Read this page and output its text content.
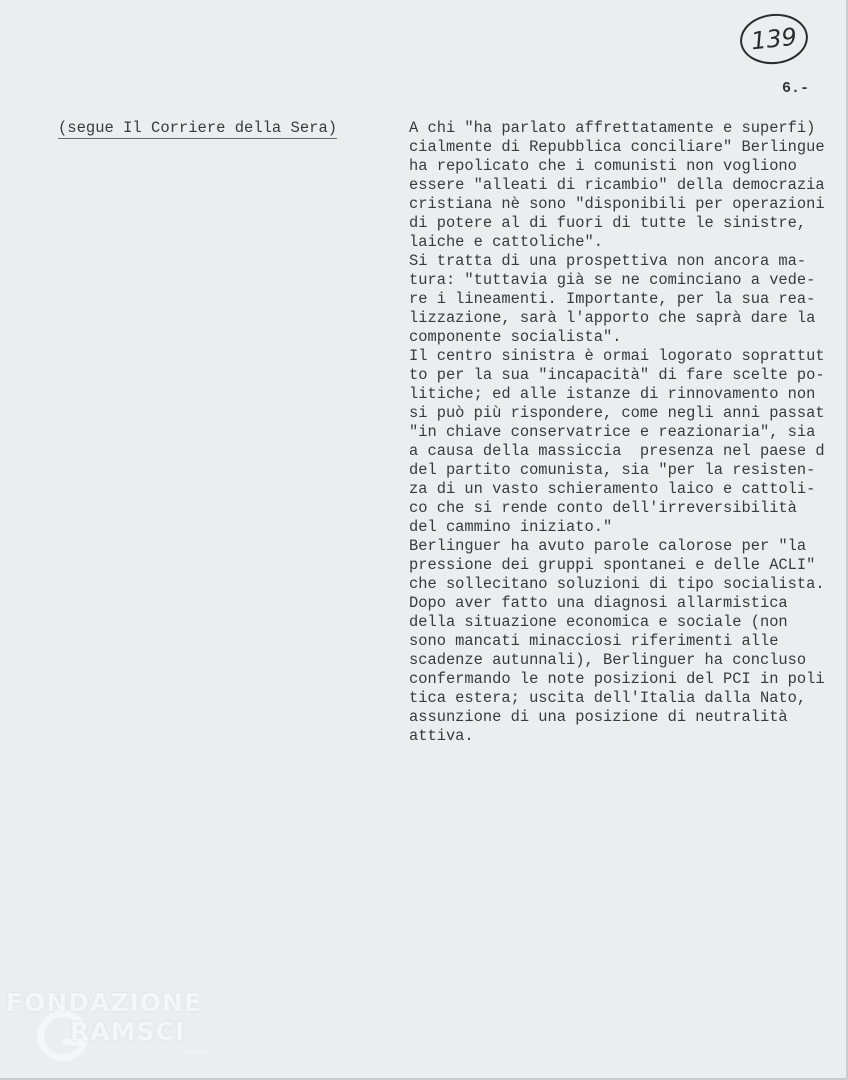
139
6.-
(segue Il Corriere della Sera)	A chi "ha parlato affrettatamente e superfi)
cialmente di Repubblica conciliare" Berlingue
ha repolicato che i comunisti non vogliono
essere "alleati di ricambio" della democrazia
cristiana nè sono "disponibili per operazioni
di potere al di fuori di tutte le sinistre,
laiche e cattoliche".
Si tratta di una prospettiva non ancora ma-
tura: "tuttavia già se ne cominciano a vede-
re i lineamenti. Importante, per la sua rea-
lizzazione, sarà l'apporto che saprà dare la
componente socialista".
Il centro sinistra è ormai logorato soprattut
to per la sua "incapacità" di fare scelte po-
litiche; ed alle istanze di rinnovamento non
si può più rispondere, come negli anni passat
"in chiave conservatrice e reazionaria", sia
a causa della massiccia  presenza nel paese d
del partito comunista, sia "per la resisten-
za di un vasto schieramento laico e cattoli-
co che si rende conto dell'irreversibilità
del cammino iniziato."
Berlinguer ha avuto parole calorose per "la
pressione dei gruppi spontanei e delle ACLI"
che sollecitano soluzioni di tipo socialista.
Dopo aver fatto una diagnosi allarmistica
della situazione economica e sociale (non
sono mancati minacciosi riferimenti alle
scadenze autunnali), Berlinguer ha concluso
confermando le note posizioni del PCI in poli
tica estera; uscita dell'Italia dalla Nato,
assunzione di una posizione di neutralità
attiva.
FONDAZIONE
RAMSCI
onlus
